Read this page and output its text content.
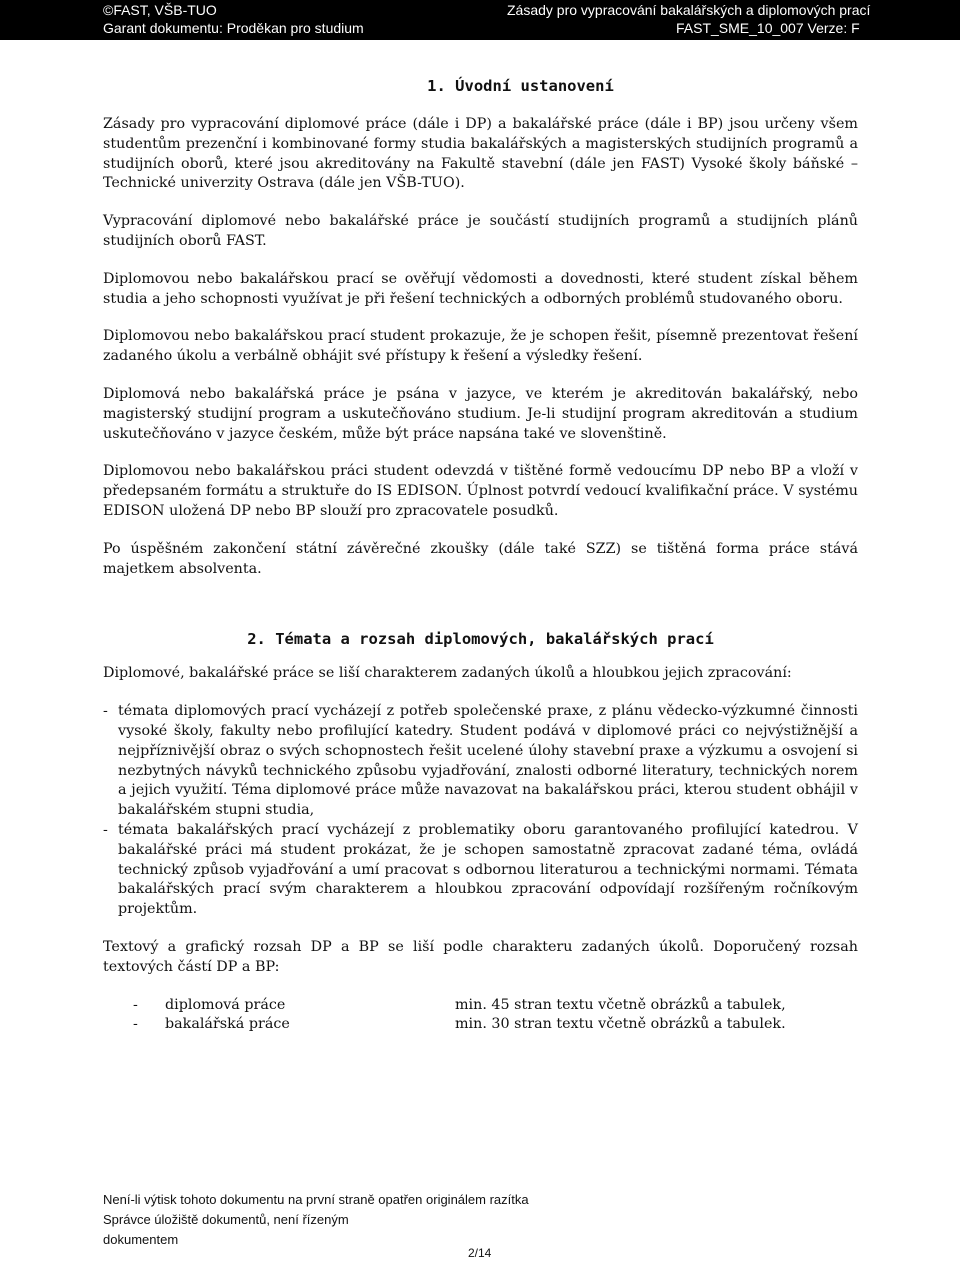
©FAST, VŠB-TUO
Garant dokumentu: Proděkan pro studium
Zásady pro vypracování bakalářských a diplomových prací
FAST_SME_10_007 Verze: F
1. Úvodní ustanovení

Zásady pro vypracování diplomové práce (dále i DP) a bakalářské práce (dále i BP) jsou určeny všem studentům prezenční i kombinované formy studia bakalářských a magisterských studijních programů a studijních oborů, které jsou akreditovány na Fakultě stavební (dále jen FAST) Vysoké školy báňské – Technické univerzity Ostrava (dále jen VŠB-TUO).

Vypracování diplomové nebo bakalářské práce je součástí studijních programů a studijních plánů studijních oborů FAST.

Diplomovou nebo bakalářskou prací se ověřují vědomosti a dovednosti, které student získal během studia a jeho schopnosti využívat je při řešení technických a odborných problémů studovaného oboru.

Diplomovou nebo bakalářskou prací student prokazuje, že je schopen řešit, písemně prezentovat řešení zadaného úkolu a verbálně obhájit své přístupy k řešení a výsledky řešení.

Diplomová nebo bakalářská práce je psána v jazyce, ve kterém je akreditován bakalářský, nebo magisterský studijní program a uskutečňováno studium. Je-li studijní program akreditován a studium uskutečňováno v jazyce českém, může být práce napsána také ve slovenštině.

Diplomovou nebo bakalářskou práci student odevzdá v tištěné formě vedoucímu DP nebo BP a vloží v předepsaném formátu a struktuře do IS EDISON. Úplnost potvrdí vedoucí kvalifikační práce. V systému EDISON uložená DP nebo BP slouží pro zpracovatele posudků.

Po úspěšném zakončení státní závěrečné zkoušky (dále také SZZ) se tištěná forma práce stává majetkem absolventa.

2. Témata a rozsah diplomových, bakalářských prací

Diplomové, bakalářské práce se liší charakterem zadaných úkolů a hloubkou jejich zpracování:

- témata diplomových prací vycházejí z potřeb společenské praxe, z plánu vědecko-výzkumné činnosti vysoké školy, fakulty nebo profilující katedry. Student podává v diplomové práci co nejvýstižnější a nejpříznivější obraz o svých schopnostech řešit ucelené úlohy stavební praxe a výzkumu a osvojení si nezbytných návyků technického způsobu vyjadřování, znalosti odborné literatury, technických norem a jejich využití. Téma diplomové práce může navazovat na bakalářskou práci, kterou student obhájil v bakalářském stupni studia,
- témata bakalářských prací vycházejí z problematiky oboru garantovaného profilující katedrou. V bakalářské práci má student prokázat, že je schopen samostatně zpracovat zadané téma, ovládá technický způsob vyjadřování a umí pracovat s odbornou literaturou a technickými normami. Témata bakalářských prací svým charakterem a hloubkou zpracování odpovídají rozšířeným ročníkovým projektům.

Textový a grafický rozsah DP a BP se liší podle charakteru zadaných úkolů. Doporučený rozsah textových částí DP a BP:

-	diplomová práce	min. 45 stran textu včetně obrázků a tabulek,
-	bakalářská práce	min. 30 stran textu včetně obrázků a tabulek.
Není-li výtisk tohoto dokumentu na první straně opatřen originálem razítka
Správce úložiště dokumentů, není řízeným
dokumentem
2/14
